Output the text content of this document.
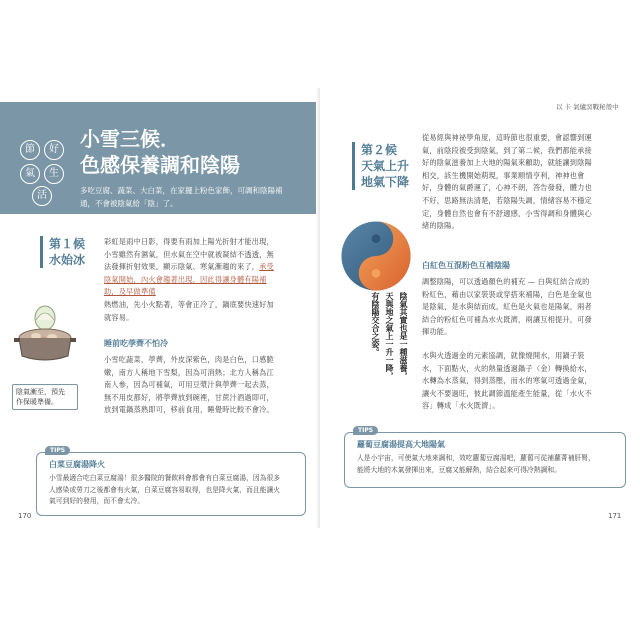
節	好
氣	生
活
小雪三候．
色感保養調和陰陽
多吃豆腐、蔬菜、大白菜，在家擺上粉色家飾，可調和陰陽補
通，不會被陰氣給「陰」了。
第１候
水始冰
彩虹是雨中日影，得要有雨加上陽光折射才能出現，
小雪雖然有濕氣，但水氣在空中就被凝結不透透，無
法發揮折射效果，顯示陰氣、寒氣漸趨的來了，承受
陰氣開始，內火會趨著出現，因此得讓身體有陽補
助，及早做準備
熱燃油，先小火點著，等會正冷了，鍋底要快速好加
就容易。
睡前吃荸薺不怕冷
小雪吃蔬菜，荸薺，外皮深紫色，肉是白色，口感脆
嫩，南方人稱地下雪梨，因為可消熱；北方人稱為江
南人參，因為可補氣，可用豆漿汁與荸薺一起去蒸，
無不用皮都好，將荸薺放到碗裡，甘蔗汁酒過即可，
放到電鍋蒸熟即可，移前食用，睡覺時比較不會冷。
陰氣漸至，預先
作保暖準備。
TIPS
白菜豆腐湯降火
小雪最適合吃白菜豆腐湯！很多醫院的餐飲料會都會有白菜豆腐湯，因為很多
人感染或勞刀之後都會有火氣，白菜豆腐容易取得，也是降火氣，而且能讓火
氣可到好的發用，而不會太冷。
170
以 卡 氣爐窯戰秘殼中
第２候
天氣上升
地氣下降
從易經與神祕學角度，這時節也很重要，會認響到運
氣，前陰段被受到陰氣，到了第二候，我們都能承接
好的陰氣滋養加上大地的陽氣來顧助，就能讓到陰陽
相交，該生機開始萌現，事業順情亨利，神神也會
好，身體的氣爵運了，心神不朗，答告發發，體力也
不好，思路無法清楚，若陰陽失調，情緒容易不穩定
定，身體自然也會有不舒適感，小雪得調和身體與心
緒的陰陽。
陰氣其實也是一種滋養，
天與地之氣上一升一降，
有陰陽交合之姿。
白紅色互混粉色互補陰陽
調整陰陽，可以透過顏色的補充 — 白與紅結合成的
粉紅色，藉由以家裝裝或穿搭來補陽，白色是金氣也
是陰氣，是水與結而成，紅色是火氣也是陽氣，兩者
結合的粉紅色可補為水火既濟，兩讓互相提升，可發
揮功能。
水與火透過金的元素協調，就像燒開水，用鍋子裝
水，下面點火，火的熱量透過鍋子（金）轉換給水，
水轉為水蒸氣，得到蒸壓，而水的寒氣可透過金氣，
讓火不要過旺，彼此調節溫能產生能量，從「水火不
容」轉成「水火既濟」。
TIPS
蘿蔔豆腐湯提高大地陽氣
人是小宇宙，可使氣大地來調和，效吃蘿蔔豆腐湯吧，蘿蔔可從補蘿菁補肝腎，
能將大地的木氣發揮出來，豆腐又能解熱，結合起來可得冷熱調和。
171
